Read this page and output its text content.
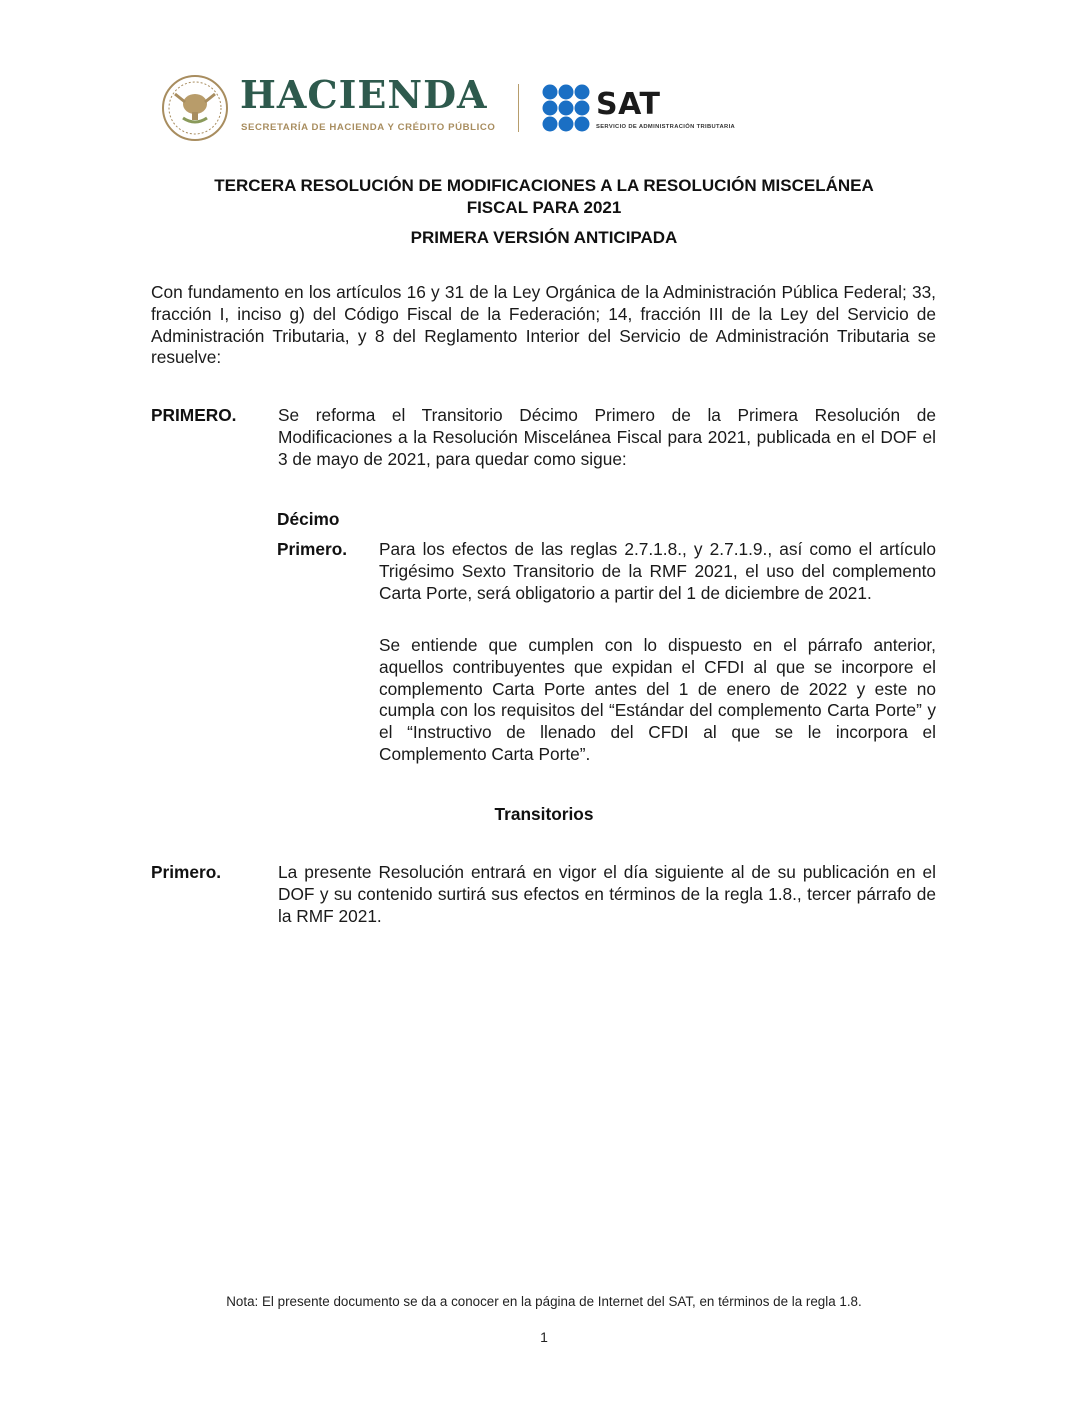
HACIENDA
SECRETARÍA DE HACIENDA Y CRÉDITO PÚBLICO
SAT
SERVICIO DE ADMINISTRACIÓN TRIBUTARIA
TERCERA RESOLUCIÓN DE MODIFICACIONES A LA RESOLUCIÓN MISCELÁNEA
FISCAL PARA 2021
PRIMERA VERSIÓN ANTICIPADA
Con fundamento en los artículos 16 y 31 de la Ley Orgánica de la Administración Pública Federal; 33, fracción I, inciso g) del Código Fiscal de la Federación; 14, fracción III de la Ley del Servicio de Administración Tributaria, y 8 del Reglamento Interior del Servicio de Administración Tributaria se resuelve:
PRIMERO. Se reforma el Transitorio Décimo Primero de la Primera Resolución de Modificaciones a la Resolución Miscelánea Fiscal para 2021, publicada en el DOF el 3 de mayo de 2021, para quedar como sigue:
Décimo
Primero. Para los efectos de las reglas 2.7.1.8., y 2.7.1.9., así como el artículo Trigésimo Sexto Transitorio de la RMF 2021, el uso del complemento Carta Porte, será obligatorio a partir del 1 de diciembre de 2021.
Se entiende que cumplen con lo dispuesto en el párrafo anterior, aquellos contribuyentes que expidan el CFDI al que se incorpore el complemento Carta Porte antes del 1 de enero de 2022 y este no cumpla con los requisitos del “Estándar del complemento Carta Porte” y el “Instructivo de llenado del CFDI al que se le incorpora el Complemento Carta Porte”.
Transitorios
Primero.	La presente Resolución entrará en vigor el día siguiente al de su publicación en el DOF y su contenido surtirá sus efectos en términos de la regla 1.8., tercer párrafo de la RMF 2021.
Nota: El presente documento se da a conocer en la página de Internet del SAT, en términos de la regla 1.8.
1
